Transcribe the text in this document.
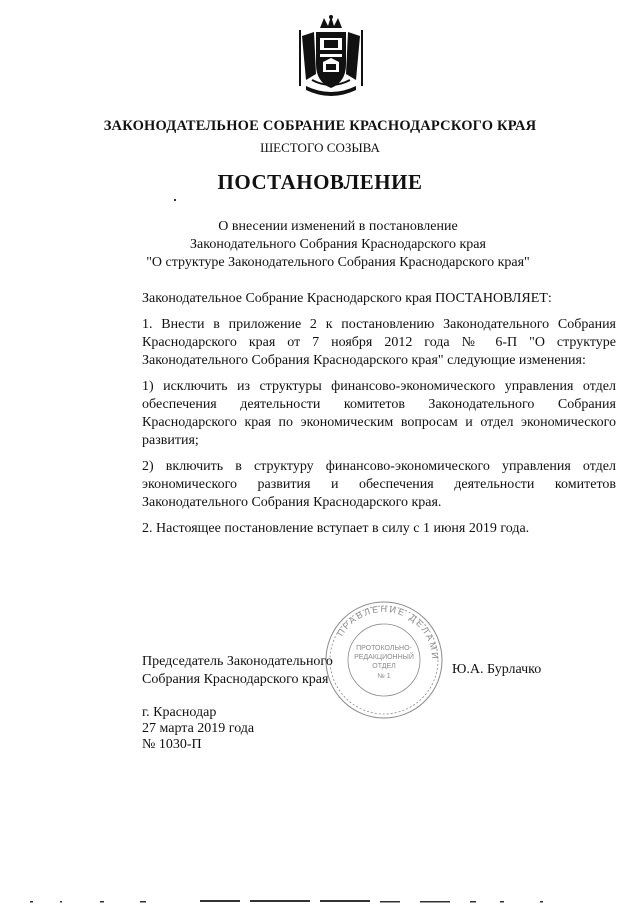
ЗАКОНОДАТЕЛЬНОЕ СОБРАНИЕ КРАСНОДАРСКОГО КРАЯ
ШЕСТОГО СОЗЫВА
ПОСТАНОВЛЕНИЕ
О внесении изменений в постановление
Законодательного Собрания Краснодарского края
"О структуре Законодательного Собрания Краснодарского края"

Законодательное Собрание Краснодарского края ПОСТАНОВЛЯЕТ:

1. Внести в приложение 2 к постановлению Законодательного Собрания Краснодарского края от 7 ноября 2012 года № 6-П "О структуре Законодательного Собрания Краснодарского края" следующие изменения:

1) исключить из структуры финансово-экономического управления отдел обеспечения деятельности комитетов Законодательного Собрания Краснодарского края по экономическим вопросам и отдел экономического развития;

2) включить в структуру финансово-экономического управления отдел экономического развития и обеспечения деятельности комитетов Законодательного Собрания Краснодарского края.

2. Настоящее постановление вступает в силу с 1 июня 2019 года.

ПРАВЛЕНИЕ ДЕЛАМИ
ПРОТОКОЛЬНО-
РЕДАКЦИОННЫЙ
ОТДЕЛ
№ 1
Председатель Законодательного
Собрания Краснодарского края
Ю.А. Бурлачко
г. Краснодар
27 марта 2019 года
№ 1030-П
